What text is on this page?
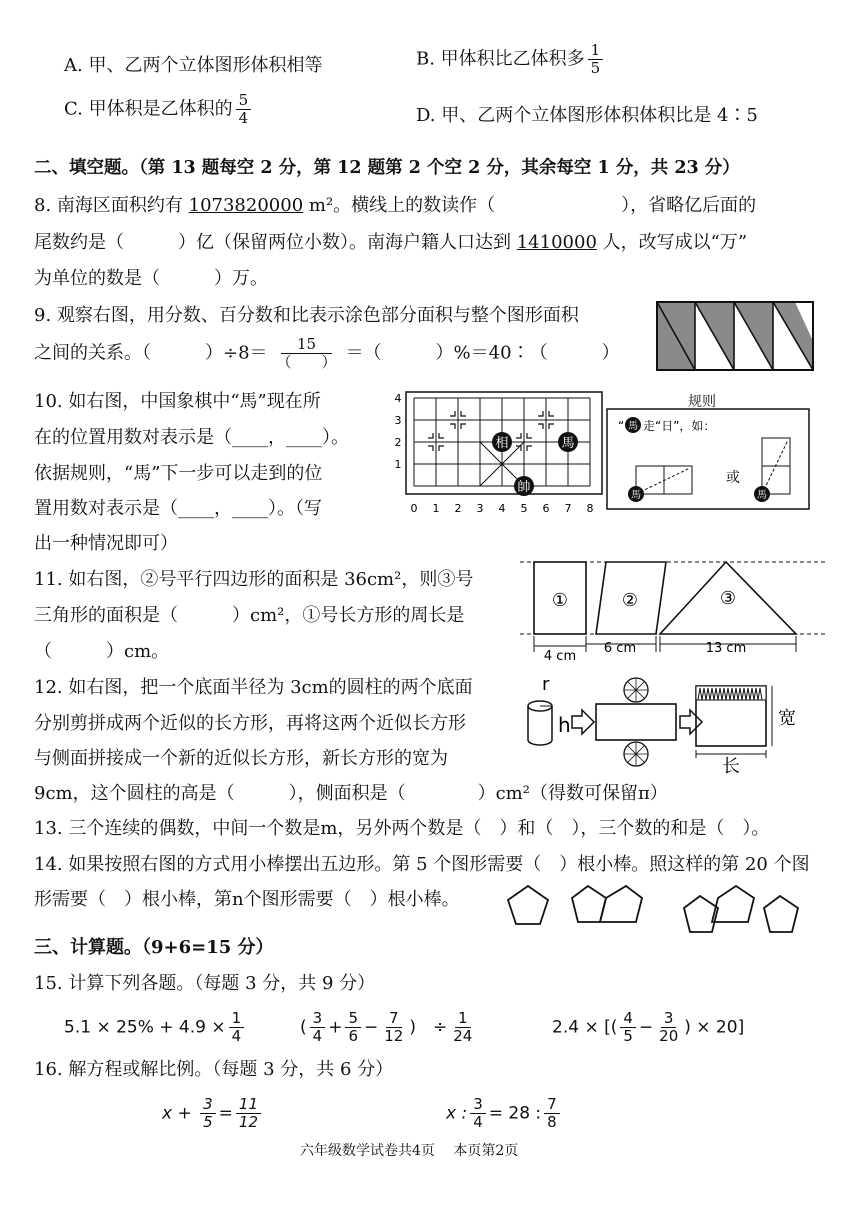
A. 甲、乙两个立体图形体积相等	B. 甲体积比乙体积多 $\frac{1}{5}$
C. 甲体积是乙体积的 $\frac{5}{4}$	D. 甲、乙两个立体图形体积体积比是 4∶5
二、填空题。（第 13 题每空 2 分，第 12 题第 2 个空 2 分，其余每空 1 分，共 23 分）
8. 南海区面积约有 1073820000 m²。横线上的数读作（　　　　　　　），省略亿后面的
尾数约是（　　　）亿（保留两位小数）。南海户籍人口达到 1410000 人，改写成以“万”
为单位的数是（　　　）万。
9. 观察右图，用分数、百分数和比表示涂色部分面积与整个图形面积
之间的关系。（　　　）÷8＝	15
（　　） ＝（　　　）%＝40∶（　　　）
10. 如右图，中国象棋中“馬”现在所
在的位置用数对表示是（____，____）。
依据规则，“馬”下一步可以走到的位
置用数对表示是（____，____）。（写
出一种情况即可）
相	馬
帥
1
2
3
4
0 1 2 3 4 5 6 7 8
规则
“ 馬 走“日”，如：
馬
或
馬
11. 如右图，②号平行四边形的面积是 36cm²，则③号
三角形的面积是（　　　）cm²，①号长方形的周长是
（　　　）cm。
①	②	③
4 cm
6 cm	13 cm
12. 如右图，把一个底面半径为 3cm的圆柱的两个底面
分别剪拼成两个近似的长方形，再将这两个近似长方形
与侧面拼接成一个新的近似长方形，新长方形的宽为
9cm，这个圆柱的高是（　　　），侧面积是（　　　　）cm²（得数可保留π）
r
h	宽
长
13. 三个连续的偶数，中间一个数是m，另外两个数是（　）和（　），三个数的和是（　）。
14. 如果按照右图的方式用小棒摆出五边形。第 5 个图形需要（　）根小棒。照这样的第 20 个图
形需要（　）根小棒，第n个图形需要（　）根小棒。
三、计算题。（9+6=15 分）
15. 计算下列各题。（每题 3 分，共 9 分）
$5.1 \times 25\% + 4.9 \times \frac{1}{4}$	( $\frac{3}{4} + \frac{5}{6} - \frac{7}{12}$ )　÷ $\frac{1}{24}$	2.4 × [( $\frac{4}{5} - \frac{3}{20}$ ) × 20]
16. 解方程或解比例。（每题 3 分，共 6 分）
$x + \frac{3}{5} = \frac{11}{12}$	x : $\frac{3}{4} = 28$ : $\frac{7}{8}$
六年级数学试卷共4页　 本页第2页
